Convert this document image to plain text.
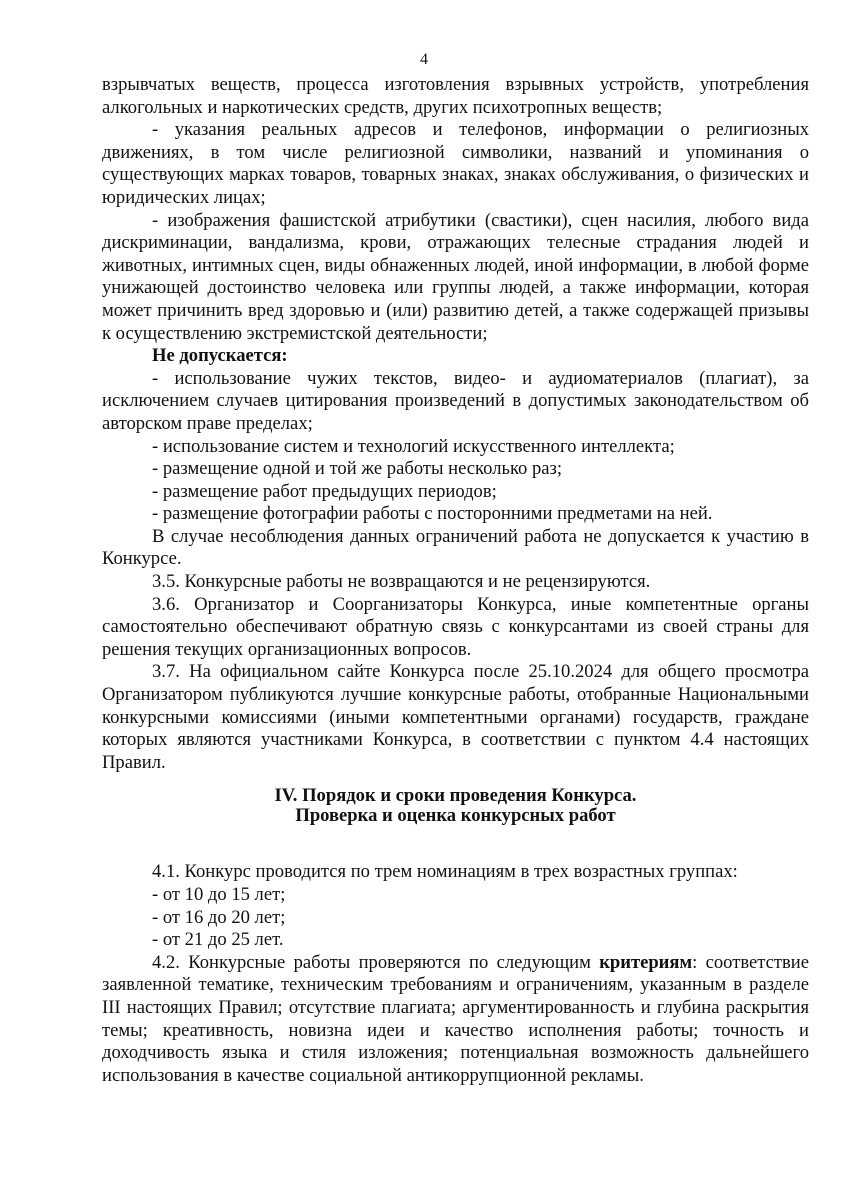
4

взрывчатых веществ, процесса изготовления взрывных устройств, употребления алкогольных и наркотических средств, других психотропных веществ;

- указания реальных адресов и телефонов, информации о религиозных движениях, в том числе религиозной символики, названий и упоминания о существующих марках товаров, товарных знаках, знаках обслуживания, о физических и юридических лицах;

- изображения фашистской атрибутики (свастики), сцен насилия, любого вида дискриминации, вандализма, крови, отражающих телесные страдания людей и животных, интимных сцен, виды обнаженных людей, иной информации, в любой форме унижающей достоинство человека или группы людей, а также информации, которая может причинить вред здоровью и (или) развитию детей, а также содержащей призывы к осуществлению экстремистской деятельности;

Не допускается:

- использование чужих текстов, видео- и аудиоматериалов (плагиат), за исключением случаев цитирования произведений в допустимых законодательством об авторском праве пределах;

- использование систем и технологий искусственного интеллекта;

- размещение одной и той же работы несколько раз;

- размещение работ предыдущих периодов;

- размещение фотографии работы с посторонними предметами на ней.

В случае несоблюдения данных ограничений работа не допускается к участию в Конкурсе.

3.5. Конкурсные работы не возвращаются и не рецензируются.

3.6. Организатор и Соорганизаторы Конкурса, иные компетентные органы самостоятельно обеспечивают обратную связь с конкурсантами из своей страны для решения текущих организационных вопросов.

3.7. На официальном сайте Конкурса после 25.10.2024 для общего просмотра Организатором публикуются лучшие конкурсные работы, отобранные Национальными конкурсными комиссиями (иными компетентными органами) государств, граждане которых являются участниками Конкурса, в соответствии с пунктом 4.4 настоящих Правил.

IV. Порядок и сроки проведения Конкурса.
Проверка и оценка конкурсных работ

4.1. Конкурс проводится по трем номинациям в трех возрастных группах:

- от 10 до 15 лет;

- от 16 до 20 лет;

- от 21 до 25 лет.

4.2. Конкурсные работы проверяются по следующим критериям: соответствие заявленной тематике, техническим требованиям и ограничениям, указанным в разделе III настоящих Правил; отсутствие плагиата; аргументированность и глубина раскрытия темы; креативность, новизна идеи и качество исполнения работы; точность и доходчивость языка и стиля изложения; потенциальная возможность дальнейшего использования в качестве социальной антикоррупционной рекламы.
